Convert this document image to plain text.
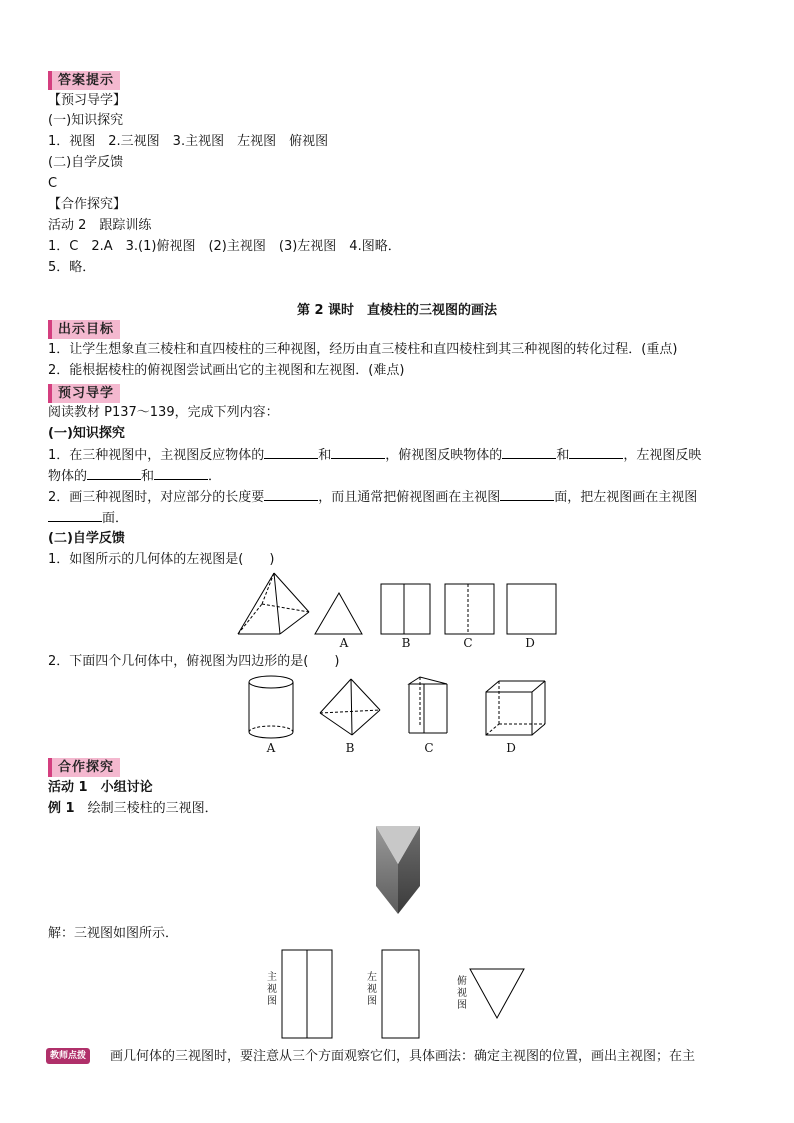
答案提示
【预习导学】
(一)知识探究
1．视图　2.三视图　3.主视图　左视图　俯视图
(二)自学反馈
C
【合作探究】
活动 2　跟踪训练
1．C　2.A　3.(1)俯视图　(2)主视图　(3)左视图　4.图略．
5．略．
第 2 课时　直棱柱的三视图的画法
出示目标
1．让学生想象直三棱柱和直四棱柱的三种视图，经历由直三棱柱和直四棱柱到其三种视图的转化过程．(重点)
2．能根据棱柱的俯视图尝试画出它的主视图和左视图．(难点)
预习导学
阅读教材 P137～139，完成下列内容：
(一)知识探究
1．在三种视图中，主视图反应物体的	和	，俯视图反映物体的	和	，左视图反映
物体的	和	．
2．画三种视图时，对应部分的长度要	，而且通常把俯视图画在主视图	面，把左视图画在主视图
面．
(二)自学反馈
1．如图所示的几何体的左视图是(　　)
A	B	C	D
2．下面四个几何体中，俯视图为四边形的是(　　)
A	B	C	D
合作探究
活动 1　小组讨论
例 1　 绘制三棱柱的三视图．
解：三视图如图所示．
主视图
左视图
俯视图
教师点拨	画几何体的三视图时，要注意从三个方面观察它们，具体画法：确定主视图的位置，画出主视图；在主
